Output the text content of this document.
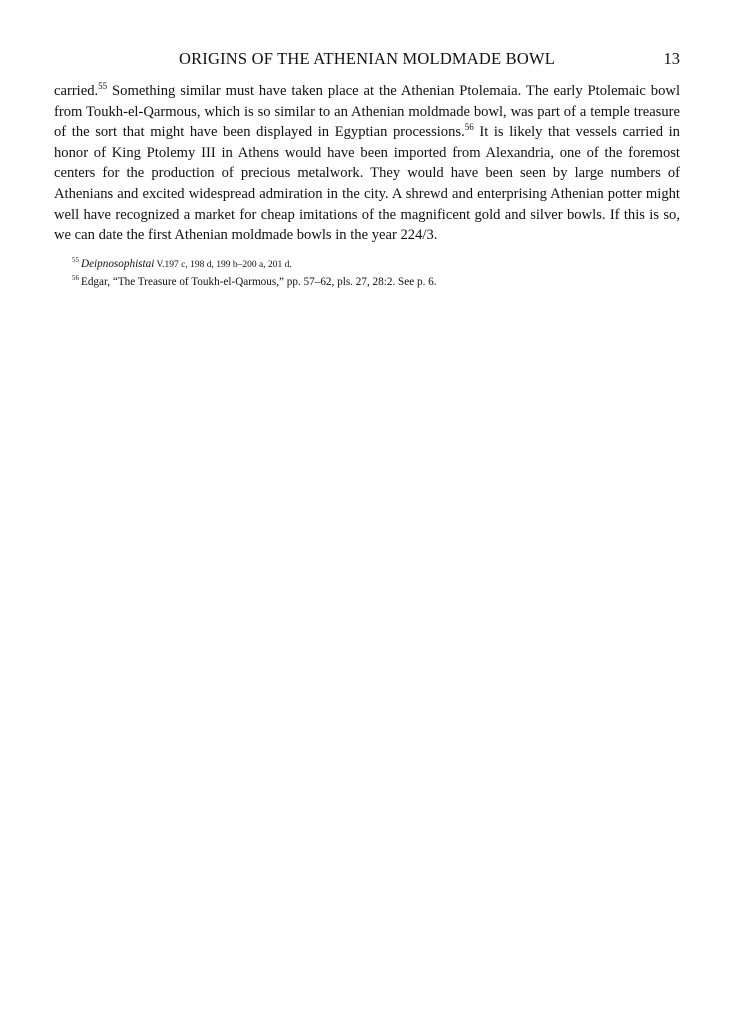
ORIGINS OF THE ATHENIAN MOLDMADE BOWL	13

carried.$^{55}$ Something similar must have taken place at the Athenian Ptolemaia. The early Ptolemaic bowl from Toukh-el-Qarmous, which is so similar to an Athenian moldmade bowl, was part of a temple treasure of the sort that might have been displayed in Egyptian processions.$^{56}$ It is likely that vessels carried in honor of King Ptolemy III in Athens would have been imported from Alexandria, one of the foremost centers for the production of precious metalwork. They would have been seen by large numbers of Athenians and excited widespread admiration in the city. A shrewd and enterprising Athenian potter might well have recognized a market for cheap imitations of the magnificent gold and silver bowls. If this is so, we can date the first Athenian moldmade bowls in the year 224/3.

$^{55}$ Deipnosophistai V.197 c, 198 d, 199 b–200 a, 201 d.

$^{56}$ Edgar, “The Treasure of Toukh-el-Qarmous,” pp. 57–62, pls. 27, 28:2. See p. 6.
